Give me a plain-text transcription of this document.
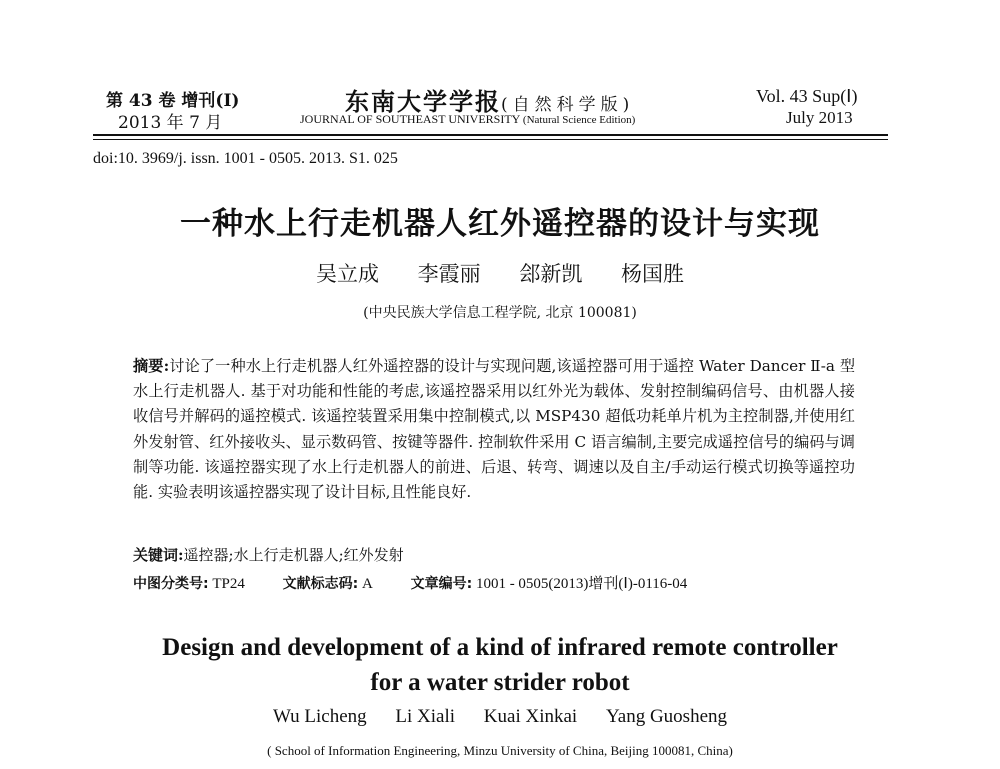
第 43 卷 增刊(Ⅰ)
2013 年 7 月
东南大学学报(自然科学版)
JOURNAL OF SOUTHEAST UNIVERSITY (Natural Science Edition)
Vol. 43 Sup(Ⅰ)
July 2013
doi:10. 3969/j. issn. 1001 - 0505. 2013. S1. 025
一种水上行走机器人红外遥控器的设计与实现
吴立成 李霞丽 郐新凯 杨国胜
(中央民族大学信息工程学院, 北京 100081)
摘要:讨论了一种水上行走机器人红外遥控器的设计与实现问题,该遥控器可用于遥控 Water Dancer Ⅱ-a 型水上行走机器人. 基于对功能和性能的考虑,该遥控器采用以红外光为载体、发射控制编码信号、由机器人接收信号并解码的遥控模式. 该遥控装置采用集中控制模式,以 MSP430 超低功耗单片机为主控制器,并使用红外发射管、红外接收头、显示数码管、按键等器件. 控制软件采用 C 语言编制,主要完成遥控信号的编码与调制等功能. 该遥控器实现了水上行走机器人的前进、后退、转弯、调速以及自主/手动运行模式切换等遥控功能. 实验表明该遥控器实现了设计目标,且性能良好.
关键词:遥控器;水上行走机器人;红外发射
中图分类号: TP24	文献标志码: A	文章编号: 1001 - 0505(2013)增刊(Ⅰ)-0116-04
Design and development of a kind of infrared remote controller
for a water strider robot
Wu Licheng Li Xiali Kuai Xinkai Yang Guosheng
( School of Information Engineering, Minzu University of China, Beijing 100081, China)
